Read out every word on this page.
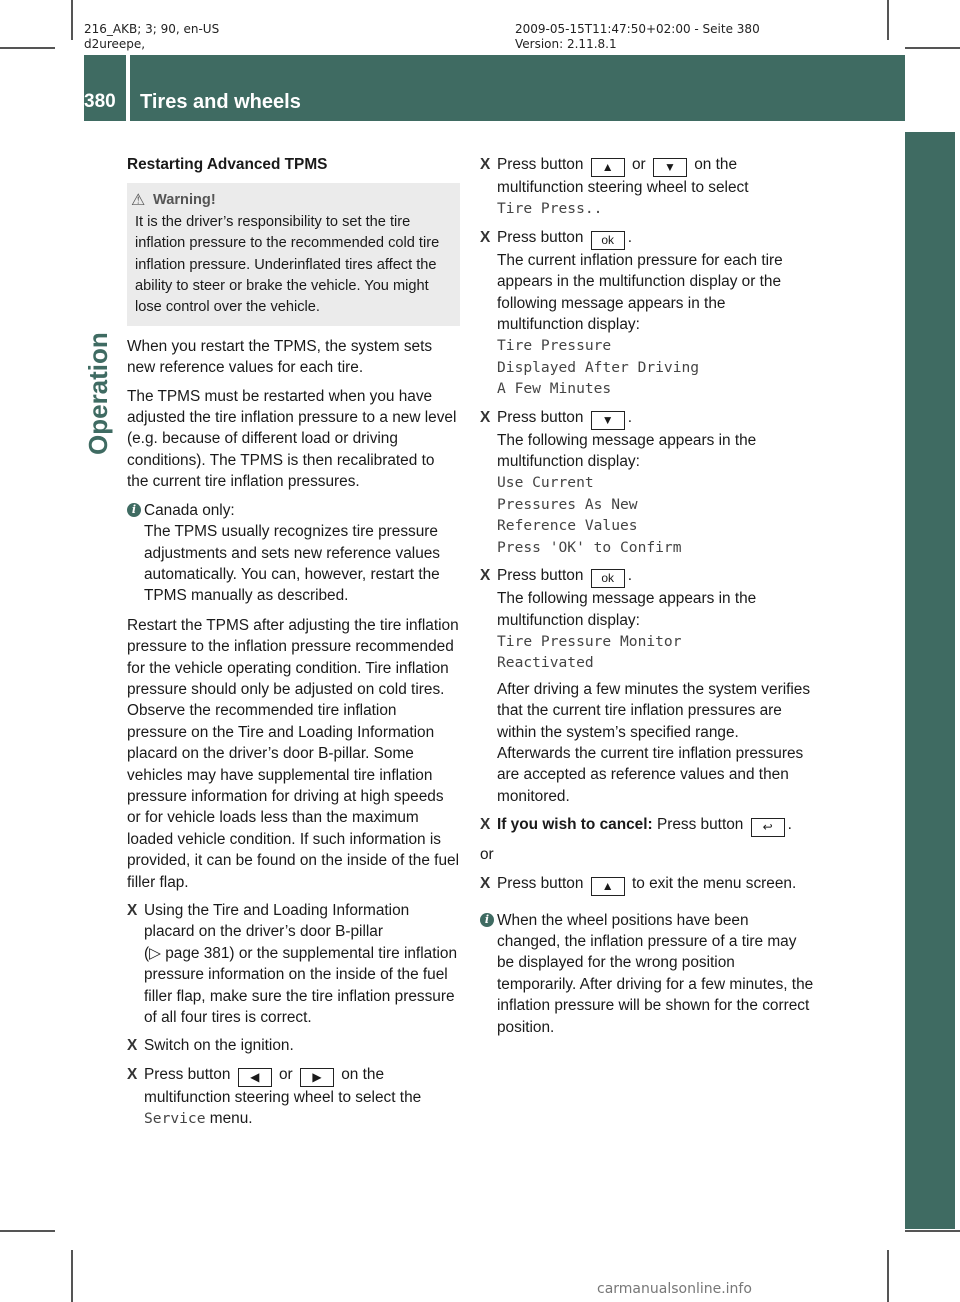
216_AKB; 3; 90, en-US
d2ureepe,
2009-05-15T11:47:50+02:00 - Seite 380
Version: 2.11.8.1
380	Tires and wheels
Operation

Restarting Advanced TPMS

⚠ Warning!
It is the driver’s responsibility to set the tire inflation pressure to the recommended cold tire inflation pressure. Underinflated tires affect the ability to steer or brake the vehicle. You might lose control over the vehicle.

When you restart the TPMS, the system sets new reference values for each tire.

The TPMS must be restarted when you have adjusted the tire inflation pressure to a new level (e.g. because of different load or driving conditions). The TPMS is then recalibrated to the current tire inflation pressures.

i Canada only:
The TPMS usually recognizes tire pressure adjustments and sets new reference values automatically. You can, however, restart the TPMS manually as described.

Restart the TPMS after adjusting the tire inflation pressure to the inflation pressure recommended for the vehicle operating condition. Tire inflation pressure should only be adjusted on cold tires. Observe the recommended tire inflation pressure on the Tire and Loading Information placard on the driver’s door B-pillar. Some vehicles may have supplemental tire inflation pressure information for driving at high speeds or for vehicle loads less than the maximum loaded vehicle condition. If such information is provided, it can be found on the inside of the fuel filler flap.

X Using the Tire and Loading Information placard on the driver’s door B-pillar
(▷ page 381) or the supplemental tire inflation pressure information on the inside of the fuel filler flap, make sure the tire inflation pressure of all four tires is correct.
X Switch on the ignition.
X Press button ◀ or ▶ on the multifunction steering wheel to select the Service menu.
X Press button ▲ or ▼ on the multifunction steering wheel to select
Tire Press..
X Press button ok .
The current inflation pressure for each tire appears in the multifunction display or the following message appears in the multifunction display:
Tire Pressure
Displayed After Driving
A Few Minutes
X Press button ▼ .
The following message appears in the multifunction display:
Use Current
Pressures As New
Reference Values
Press 'OK' to Confirm
X Press button ok .
The following message appears in the multifunction display:
Tire Pressure Monitor
Reactivated
After driving a few minutes the system verifies that the current tire inflation pressures are within the system’s specified range. Afterwards the current tire inflation pressures are accepted as reference values and then monitored.
X If you wish to cancel: Press button ↩ .

or

X Press button ▲ to exit the menu screen.
i When the wheel positions have been changed, the inflation pressure of a tire may be displayed for the wrong position temporarily. After driving for a few minutes, the inflation pressure will be shown for the correct position.
carmanualsonline.info
